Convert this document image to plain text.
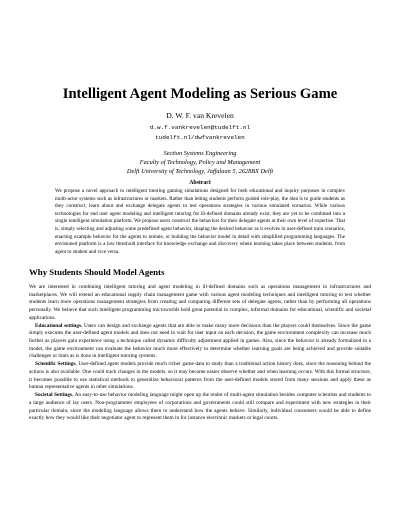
Intelligent Agent Modeling as Serious Game
D. W. F. van Krevelen
d.w.f.vankrevelen@tudelft.nl
tudelft.nl/dwfvankrevelen
Section Systems Engineering
Faculty of Technology, Policy and Management
Delft University of Technology, Jaffalaan 5, 2628BX Delft
Abstract
We propose a novel approach to intelligent tutoring gaming simulations designed for both educational and inquiry purposes in complex multi-actor systems such as infrastructures or markets. Rather than letting students perform guided role-play, the idea is to guide students as they construct, learn about and exchange delegate agents to test operations strategies in various simulated scenarios. While various technologies for end user agent modeling and intelligent tutoring for ill-defined domains already exist, they are yet to be combined into a single intelligent simulation platform. We propose users construct the behaviors for their delegate agents at their own level of expertise. That is, simply selecting and adjusting some predefined agent behavior, shaping the desired behavior as it evolves in user-defined train scenarios, enacting example behavior for the agents to imitate, or building the behavior model in detail with simplified programming languages. The envisioned platform is a low threshold interface for knowledge exchange and discovery where learning takes place between students, from agent to student and vice versa.
Why Students Should Model Agents

We are interested in combining intelligent tutoring and agent modeling in ill-defined domains such as operations management in infrastructures and marketplaces. We will extend an educational supply chain management game with various agent modeling techniques and intelligent tutoring to test whether students learn more operations management strategies from creating and comparing different sets of delegate agents, rather than by performing all operations personally. We believe that such intelligent programming microworlds hold great potential in complex, informal domains for educational, scientific and societal applications.

Educational settings. Users can design and exchange agents that are able to make many more decisions than the players could themselves. Since the game simply executes the user-defined agent models and does not need to wait for user input on each decision, the game environment complexity can increase much further as players gain experience using a technique called dynamic difficulty adjustment applied in games. Also, since the behavior is already formalized in a model, the game environment can evaluate the behavior much more effectively to determine whether learning goals are being achieved and provide suitable challenges or hints as is done in intelligent tutoring systems.

Scientific Settings. User-defined agent models provide much richer game data to study than a traditional action history does, since the reasoning behind the actions is also available. One could track changes in the models, so it may become easier observe whether and when learning occurs. With this formal structure, it becomes possible to use statistical methods to generalize behavioral patterns from the user-defined models stored from many sessions and apply these as human representative agents in other simulations.

Societal Settings. An easy-to-use behavior modeling language might open up the realm of multi-agent simulation besides computer scientists and students to a large audience of lay users. Non-programmer employees of corporations and governments could still compare and experiment with new strategies in their particular domain, since the modeling language allows them to understand how the agents behave. Similarly, individual consumers would be able to define exactly how they would like their negotiator agent to represent them in for instance electronic markets or legal courts.
